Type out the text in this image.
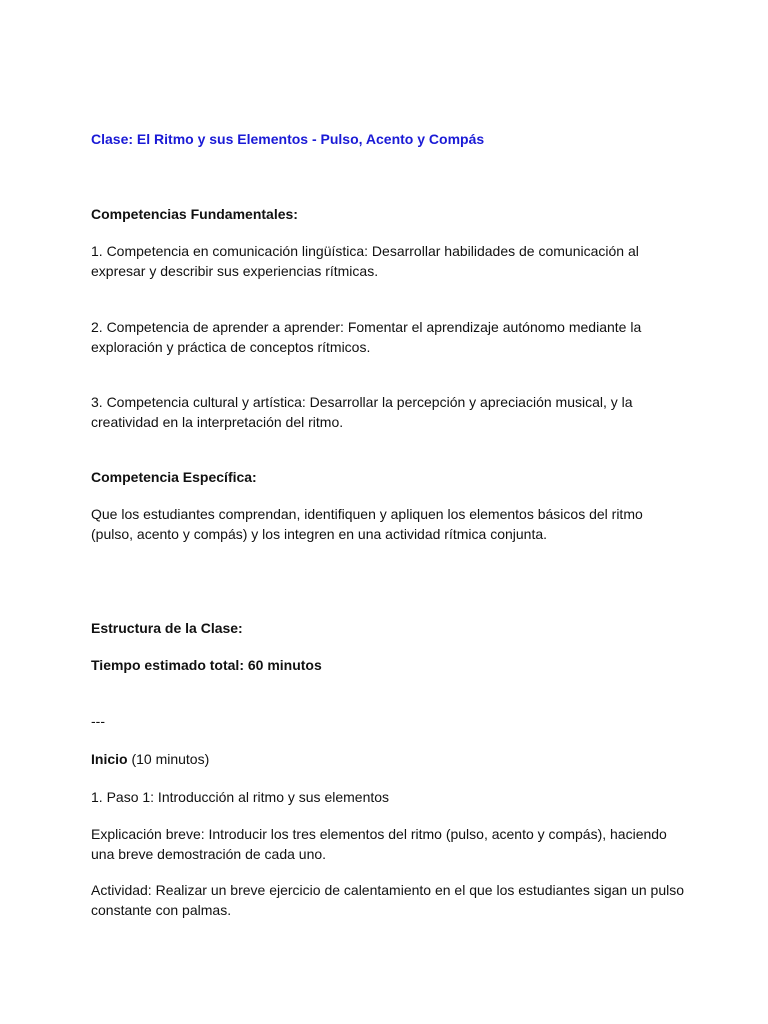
Clase: El Ritmo y sus Elementos - Pulso, Acento y Compás

Competencias Fundamentales:

1. Competencia en comunicación lingüística: Desarrollar habilidades de comunicación al expresar y describir sus experiencias rítmicas.

2. Competencia de aprender a aprender: Fomentar el aprendizaje autónomo mediante la exploración y práctica de conceptos rítmicos.

3. Competencia cultural y artística: Desarrollar la percepción y apreciación musical, y la creatividad en la interpretación del ritmo.

Competencia Específica:

Que los estudiantes comprendan, identifiquen y apliquen los elementos básicos del ritmo (pulso, acento y compás) y los integren en una actividad rítmica conjunta.

Estructura de la Clase:

Tiempo estimado total: 60 minutos

---

Inicio (10 minutos)

1. Paso 1: Introducción al ritmo y sus elementos

Explicación breve: Introducir los tres elementos del ritmo (pulso, acento y compás), haciendo una breve demostración de cada uno.

Actividad: Realizar un breve ejercicio de calentamiento en el que los estudiantes sigan un pulso constante con palmas.
